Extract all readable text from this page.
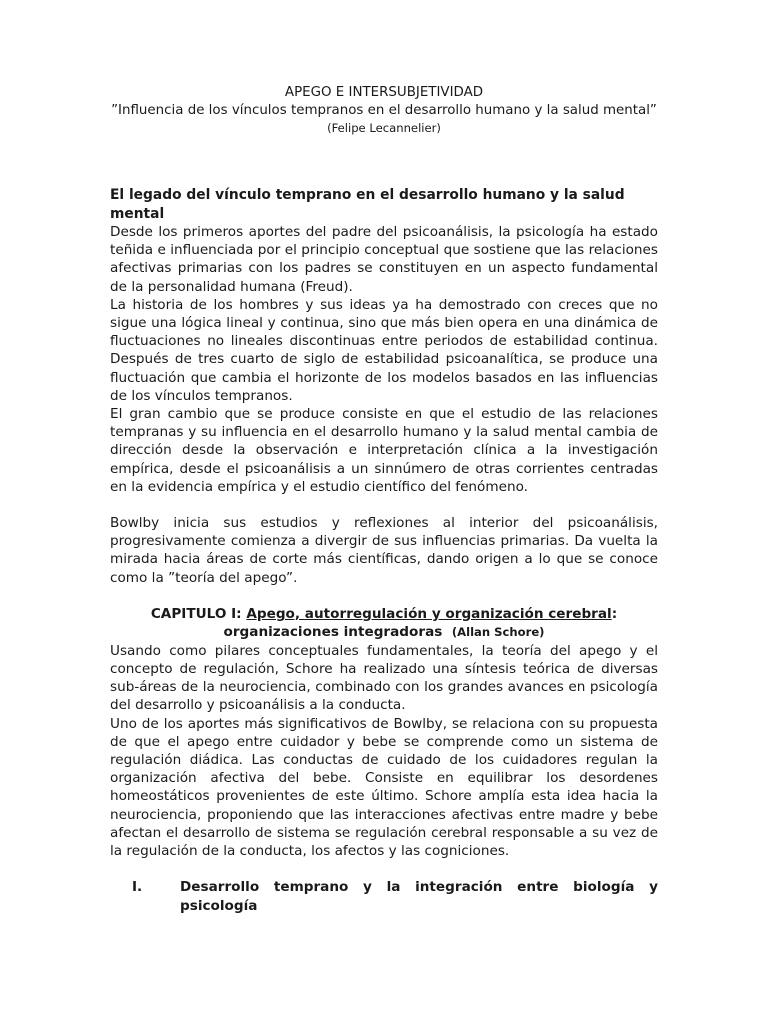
APEGO E INTERSUBJETIVIDAD

”Influencia de los vínculos tempranos en el desarrollo humano y la salud mental”

(Felipe Lecannelier)

El legado del vínculo temprano en el desarrollo humano y la salud mental

Desde los primeros aportes del padre del psicoanálisis, la psicología ha estado teñida e influenciada por el principio conceptual que sostiene que las relaciones afectivas primarias con los padres se constituyen en un aspecto fundamental de la personalidad humana (Freud).

La historia de los hombres y sus ideas ya ha demostrado con creces que no sigue una lógica lineal y continua, sino que más bien opera en una dinámica de fluctuaciones no lineales discontinuas entre periodos de estabilidad continua. Después de tres cuarto de siglo de estabilidad psicoanalítica, se produce una fluctuación que cambia el horizonte de los modelos basados en las influencias de los vínculos tempranos.

El gran cambio que se produce consiste en que el estudio de las relaciones tempranas y su influencia en el desarrollo humano y la salud mental cambia de dirección desde la observación e interpretación clínica a la investigación empírica, desde el psicoanálisis a un sinnúmero de otras corrientes centradas en la evidencia empírica y el estudio científico del fenómeno.

Bowlby inicia sus estudios y reflexiones al interior del psicoanálisis, progresivamente comienza a divergir de sus influencias primarias. Da vuelta la mirada hacia áreas de corte más científicas, dando origen a lo que se conoce como la ”teoría del apego”.

CAPITULO I: Apego, autorregulación y organización cerebral:
organizaciones integradoras (Allan Schore)

Usando como pilares conceptuales fundamentales, la teoría del apego y el concepto de regulación, Schore ha realizado una síntesis teórica de diversas sub-áreas de la neurociencia, combinado con los grandes avances en psicología del desarrollo y psicoanálisis a la conducta.

Uno de los aportes más significativos de Bowlby, se relaciona con su propuesta de que el apego entre cuidador y bebe se comprende como un sistema de regulación diádica. Las conductas de cuidado de los cuidadores regulan la organización afectiva del bebe. Consiste en equilibrar los desordenes homeostáticos provenientes de este último. Schore amplía esta idea hacia la neurociencia, proponiendo que las interacciones afectivas entre madre y bebe afectan el desarrollo de sistema se regulación cerebral responsable a su vez de la regulación de la conducta, los afectos y las cogniciones.

I.	Desarrollo temprano y la integración entre biología y psicología
